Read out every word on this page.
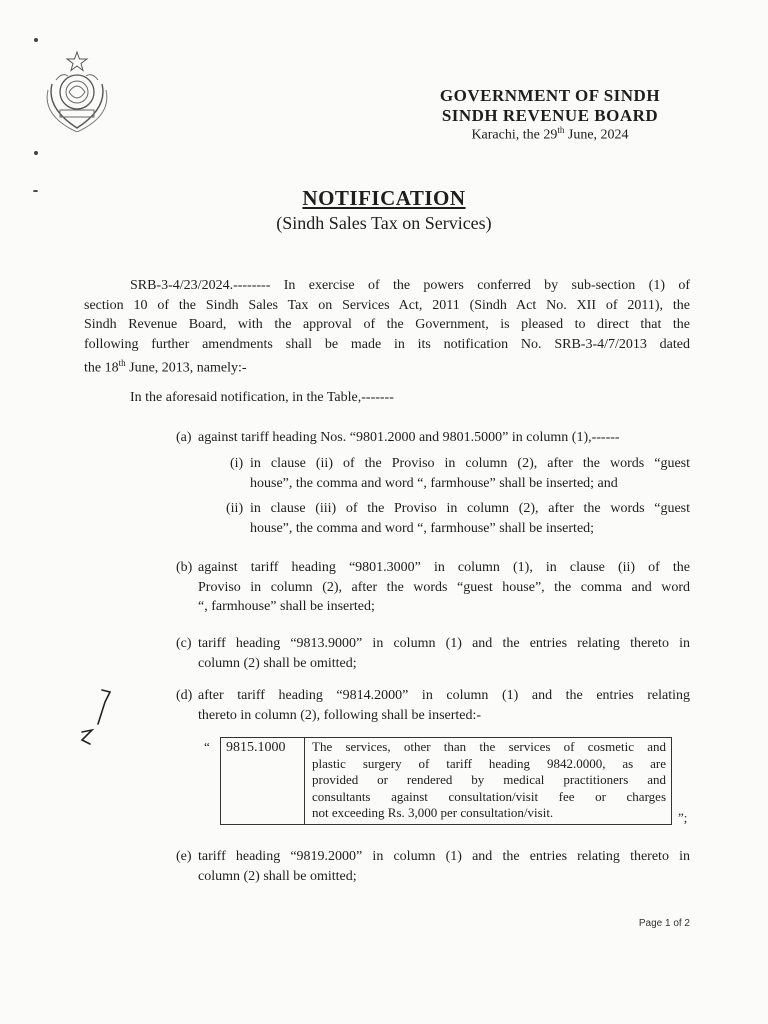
GOVERNMENT OF SINDH
SINDH REVENUE BOARD
Karachi, the 29th June, 2024
NOTIFICATION
(Sindh Sales Tax on Services)
SRB-3-4/23/2024.-------- In exercise of the powers conferred by sub-section (1) of
section 10 of the Sindh Sales Tax on Services Act, 2011 (Sindh Act No. XII of 2011), the
Sindh Revenue Board, with the approval of the Government, is pleased to direct that the
following further amendments shall be made in its notification No. SRB-3-4/7/2013 dated
the 18th June, 2013, namely:-
In the aforesaid notification, in the Table,-------
(a) against tariff heading Nos. “9801.2000 and 9801.5000” in column (1),------
(i) in clause (ii) of the Proviso in column (2), after the words “guest
house”, the comma and word “, farmhouse” shall be inserted; and
(ii) in clause (iii) of the Proviso in column (2), after the words “guest
house”, the comma and word “, farmhouse” shall be inserted;
(b) against tariff heading “9801.3000” in column (1), in clause (ii) of the
Proviso in column (2), after the words “guest house”, the comma and word
“, farmhouse” shall be inserted;
(c) tariff heading “9813.9000” in column (1) and the entries relating thereto in
column (2) shall be omitted;
(d) after tariff heading “9814.2000” in column (1) and the entries relating
thereto in column (2), following shall be inserted:-
“ 9815.1000 The services, other than the services of cosmetic and
plastic surgery of tariff heading 9842.0000, as are
provided or rendered by medical practitioners and
consultants against consultation/visit fee or charges
not exceeding Rs. 3,000 per consultation/visit.	”;
(e) tariff heading “9819.2000” in column (1) and the entries relating thereto in
column (2) shall be omitted;
Page 1 of 2
